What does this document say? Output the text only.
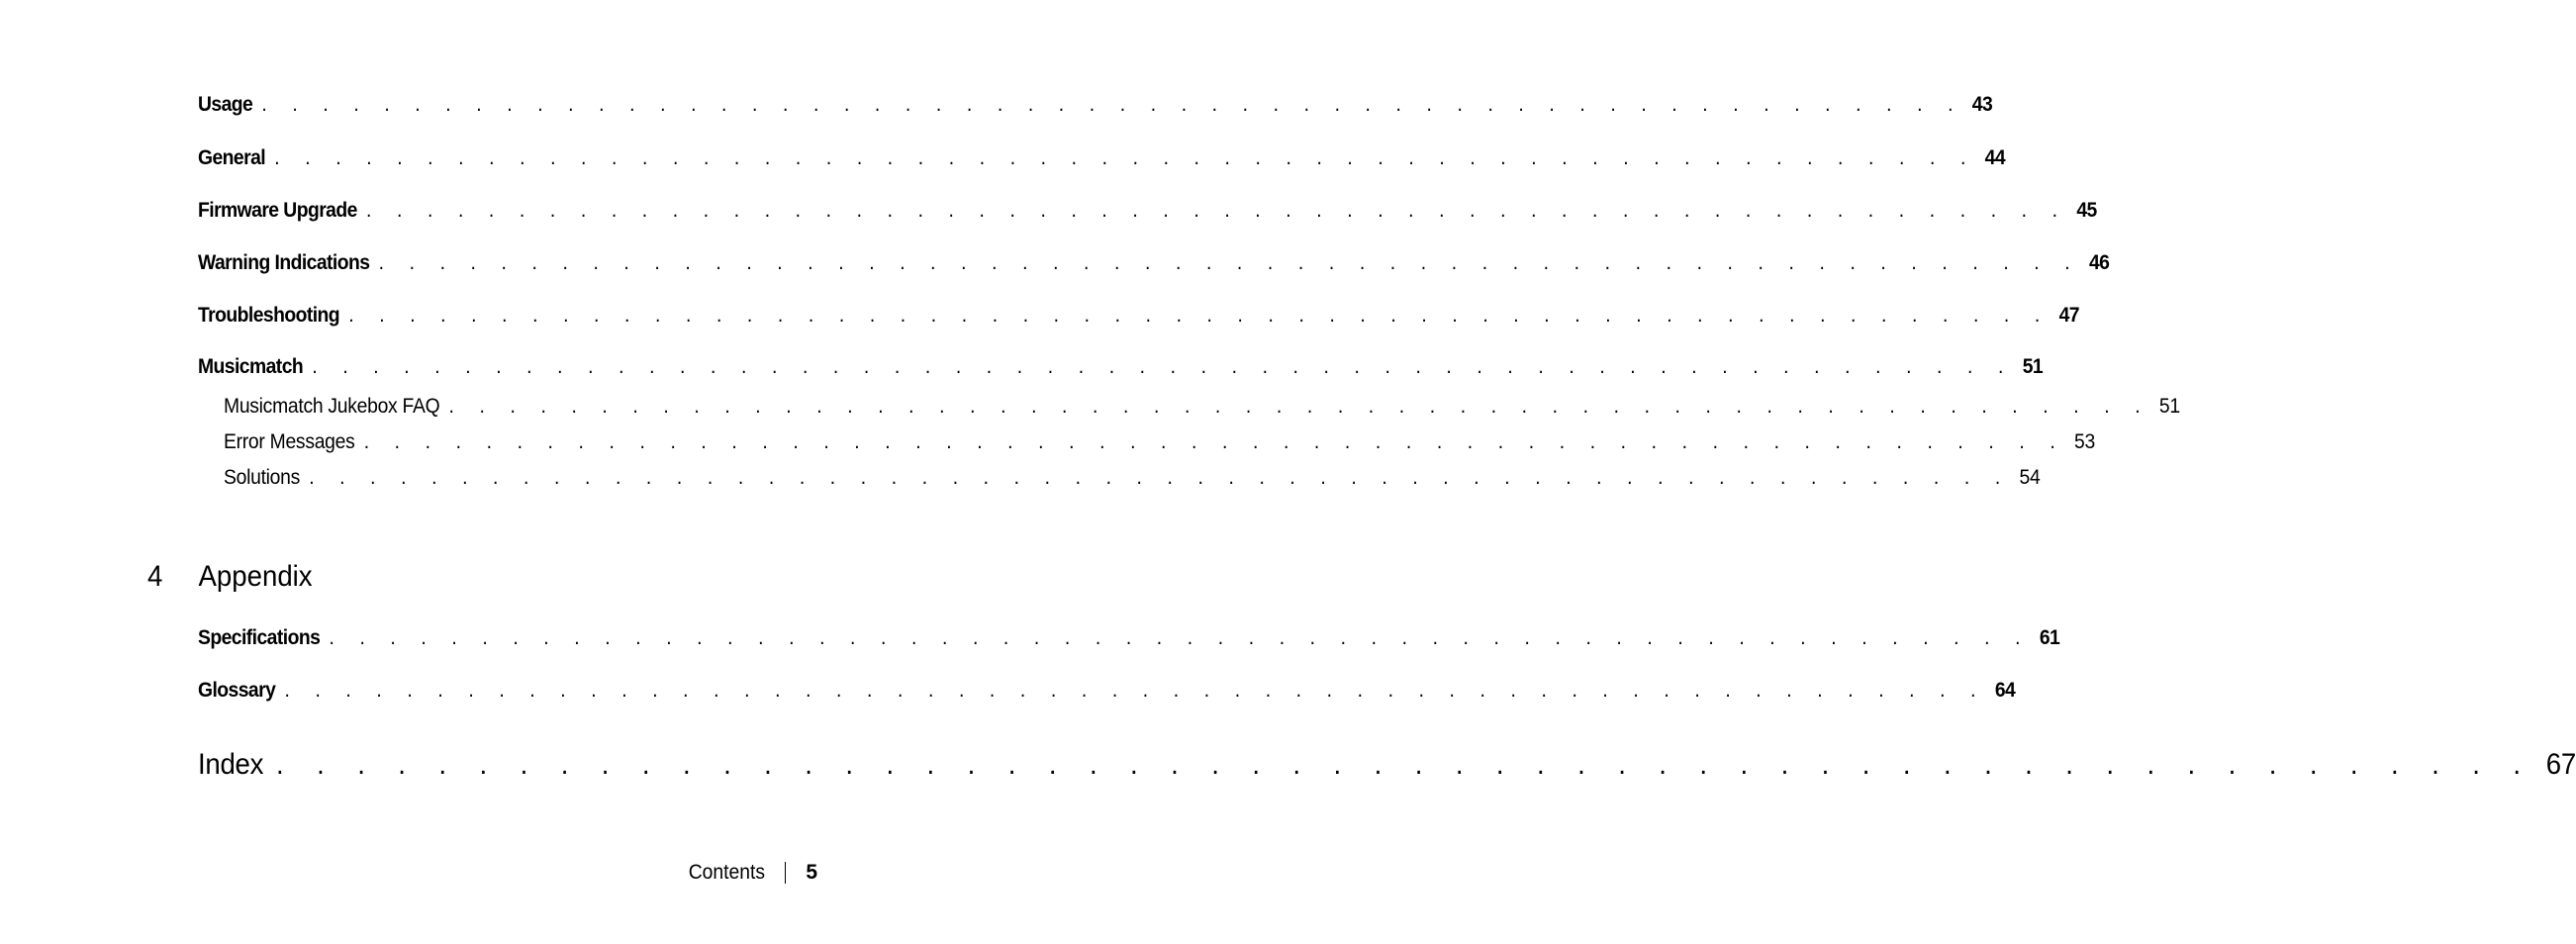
Usage . . . . . . . . . . . . . . . . . . . . . . . . . . . . . . . . . . . . . . . . . . . . . . . . . . . . . . . . 43
General . . . . . . . . . . . . . . . . . . . . . . . . . . . . . . . . . . . . . . . . . . . . . . . . . . . . . . . . 44
Firmware Upgrade . . . . . . . . . . . . . . . . . . . . . . . . . . . . . . . . . . . . . . . . . . . . . . . . . . . . . . . . 45
Warning Indications . . . . . . . . . . . . . . . . . . . . . . . . . . . . . . . . . . . . . . . . . . . . . . . . . . . . . . . . 46
Troubleshooting . . . . . . . . . . . . . . . . . . . . . . . . . . . . . . . . . . . . . . . . . . . . . . . . . . . . . . . . 47
Musicmatch . . . . . . . . . . . . . . . . . . . . . . . . . . . . . . . . . . . . . . . . . . . . . . . . . . . . . . . . 51
Musicmatch Jukebox FAQ . . . . . . . . . . . . . . . . . . . . . . . . . . . . . . . . . . . . . . . . . . . . . . . . . . . . . . . . 51
Error Messages . . . . . . . . . . . . . . . . . . . . . . . . . . . . . . . . . . . . . . . . . . . . . . . . . . . . . . . . 53
Solutions . . . . . . . . . . . . . . . . . . . . . . . . . . . . . . . . . . . . . . . . . . . . . . . . . . . . . . . . 54
4	Appendix
Specifications . . . . . . . . . . . . . . . . . . . . . . . . . . . . . . . . . . . . . . . . . . . . . . . . . . . . . . . . 61
Glossary . . . . . . . . . . . . . . . . . . . . . . . . . . . . . . . . . . . . . . . . . . . . . . . . . . . . . . . . 64
Index . . . . . . . . . . . . . . . . . . . . . . . . . . . . . . . . . . . . . . . . . . . . . . . . . . . . . . . . 67
Contents 5
